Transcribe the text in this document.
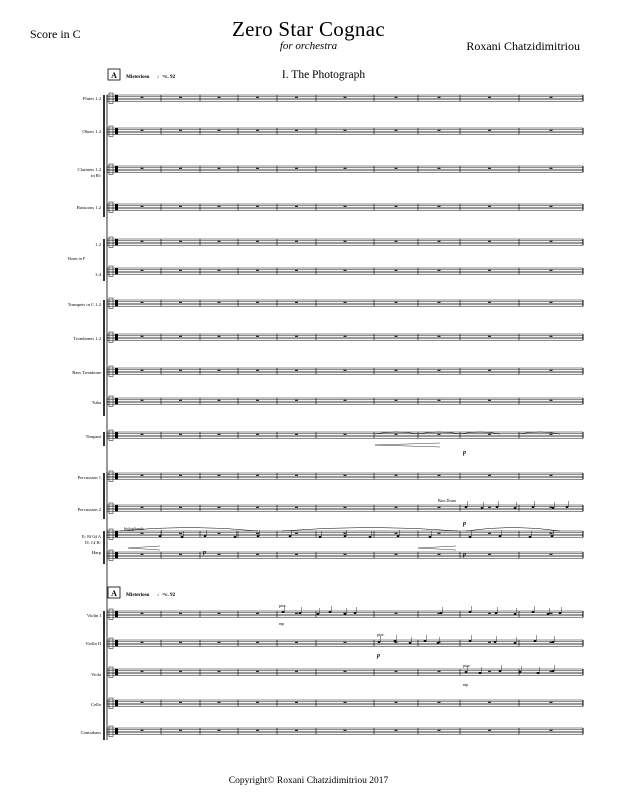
Score in C	Zero Star Cognac
for orchestra	Roxani Chatzidimitriou
I. The Photograph
A Misterioso ♩=c. 92
A Misterioso ♩=c. 92
Flutes 1.2
Oboes 1.2
Clarinets 1.2
in B♭
Bassoons 1.2
1.2
Horns in F
3.4
Trumpets in C 1.2
Trombones 1.2
Bass Trombone
Tuba
Timpani
Percussion 1
Percussion 2
E♭ F♯ G♯ A
D♭ C♯ B♭
Harp
Violin I
Violin II
Viola
Cello
Contrabass
Bass Drum
bisbigliando
pizz.
pizz.
pizz.
p
p
p	p
mp
p
mp
Copyright© Roxani Chatzidimitriou 2017
